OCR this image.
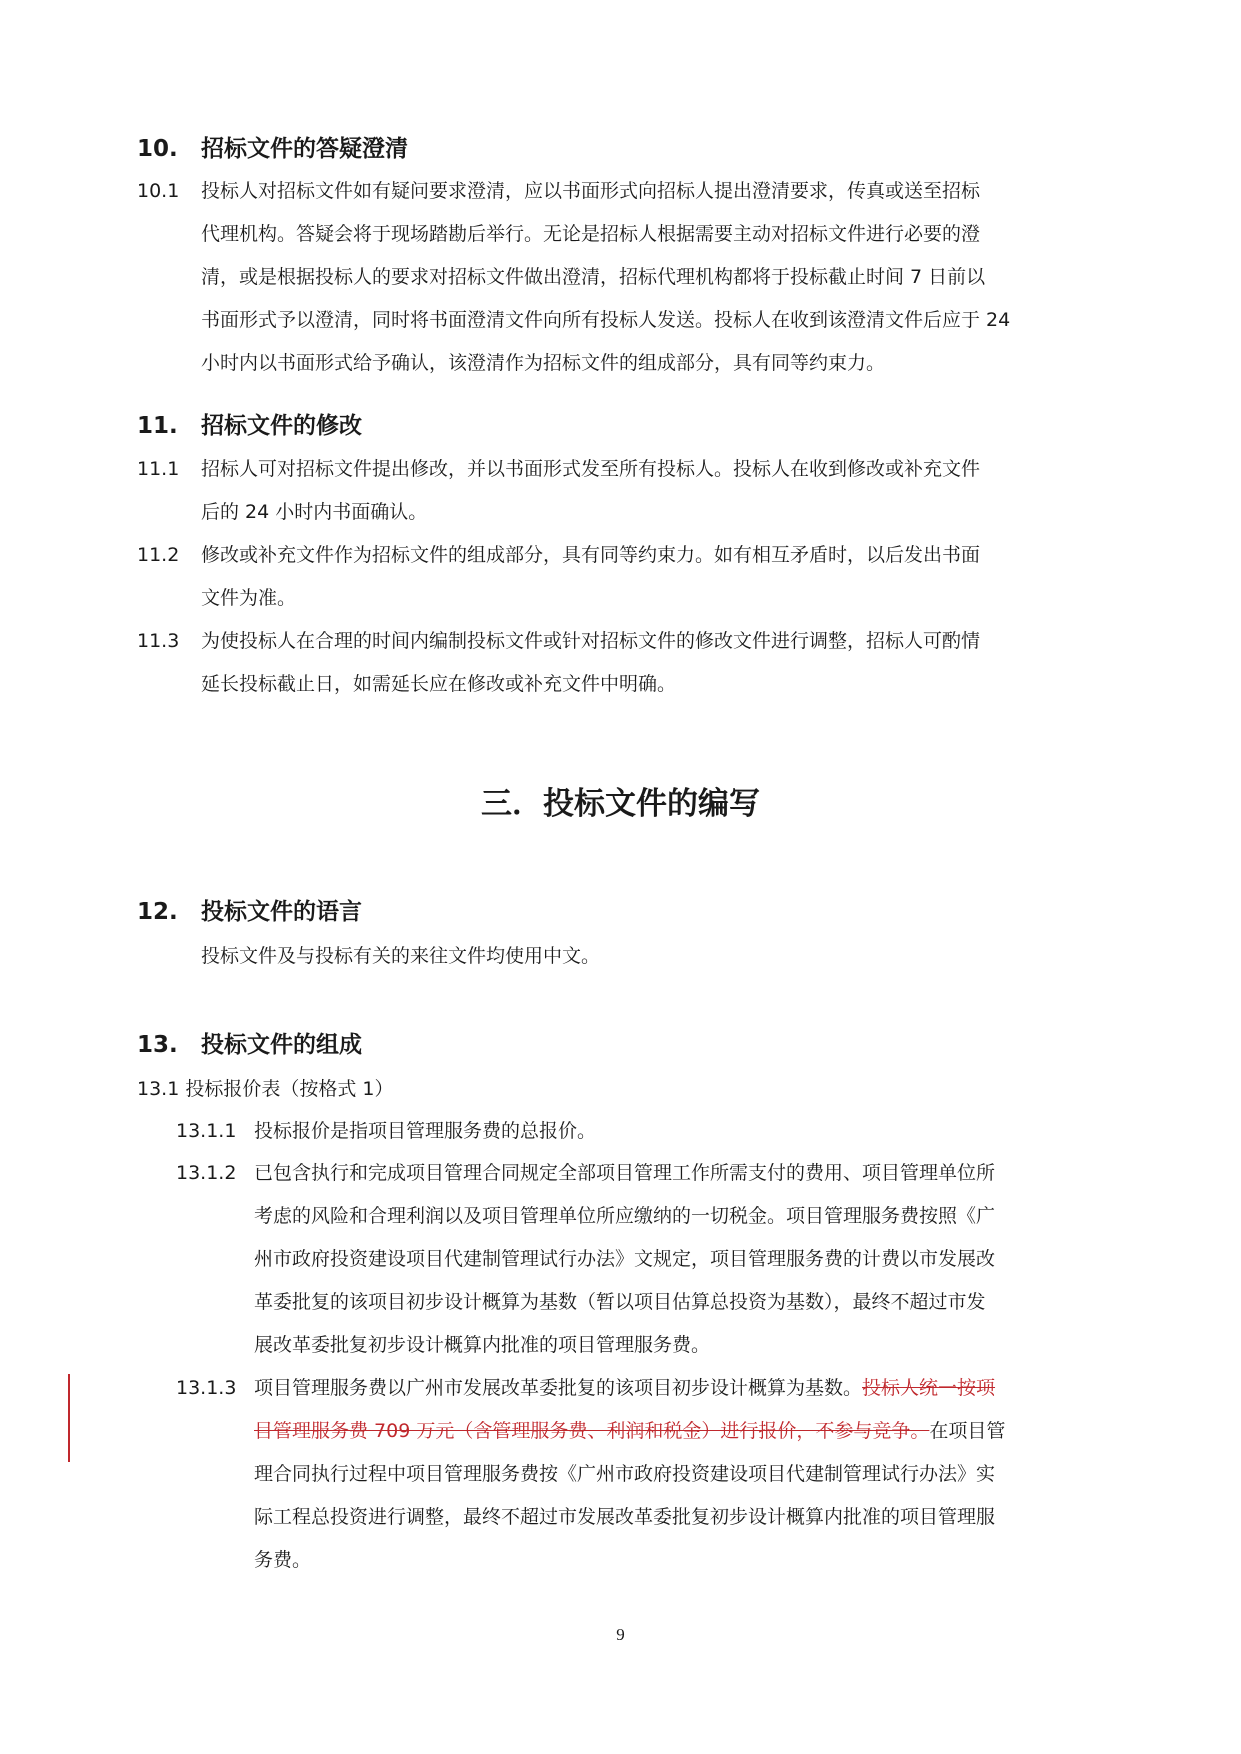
10. 招标文件的答疑澄清
10.1 投标人对招标文件如有疑问要求澄清，应以书面形式向招标人提出澄清要求，传真或送至招标
代理机构。答疑会将于现场踏勘后举行。无论是招标人根据需要主动对招标文件进行必要的澄
清，或是根据投标人的要求对招标文件做出澄清，招标代理机构都将于投标截止时间 7 日前以
书面形式予以澄清，同时将书面澄清文件向所有投标人发送。投标人在收到该澄清文件后应于 24
小时内以书面形式给予确认，该澄清作为招标文件的组成部分，具有同等约束力。
11. 招标文件的修改
11.1 招标人可对招标文件提出修改，并以书面形式发至所有投标人。投标人在收到修改或补充文件
后的 24 小时内书面确认。
11.2 修改或补充文件作为招标文件的组成部分，具有同等约束力。如有相互矛盾时，以后发出书面
文件为准。
11.3 为使投标人在合理的时间内编制投标文件或针对招标文件的修改文件进行调整，招标人可酌情
延长投标截止日，如需延长应在修改或补充文件中明确。
三．投标文件的编写
12. 投标文件的语言
投标文件及与投标有关的来往文件均使用中文。
13. 投标文件的组成
13.1 投标报价表（按格式 1）
13.1.1 投标报价是指项目管理服务费的总报价。
13.1.2 已包含执行和完成项目管理合同规定全部项目管理工作所需支付的费用、项目管理单位所
考虑的风险和合理利润以及项目管理单位所应缴纳的一切税金。项目管理服务费按照《广
州市政府投资建设项目代建制管理试行办法》文规定，项目管理服务费的计费以市发展改
革委批复的该项目初步设计概算为基数（暂以项目估算总投资为基数），最终不超过市发
展改革委批复初步设计概算内批准的项目管理服务费。
13.1.3 项目管理服务费以广州市发展改革委批复的该项目初步设计概算为基数。投标人统一按项
目管理服务费 709 万元（含管理服务费、利润和税金）进行报价，不参与竞争。在项目管
理合同执行过程中项目管理服务费按《广州市政府投资建设项目代建制管理试行办法》实
际工程总投资进行调整，最终不超过市发展改革委批复初步设计概算内批准的项目管理服
务费。
9
